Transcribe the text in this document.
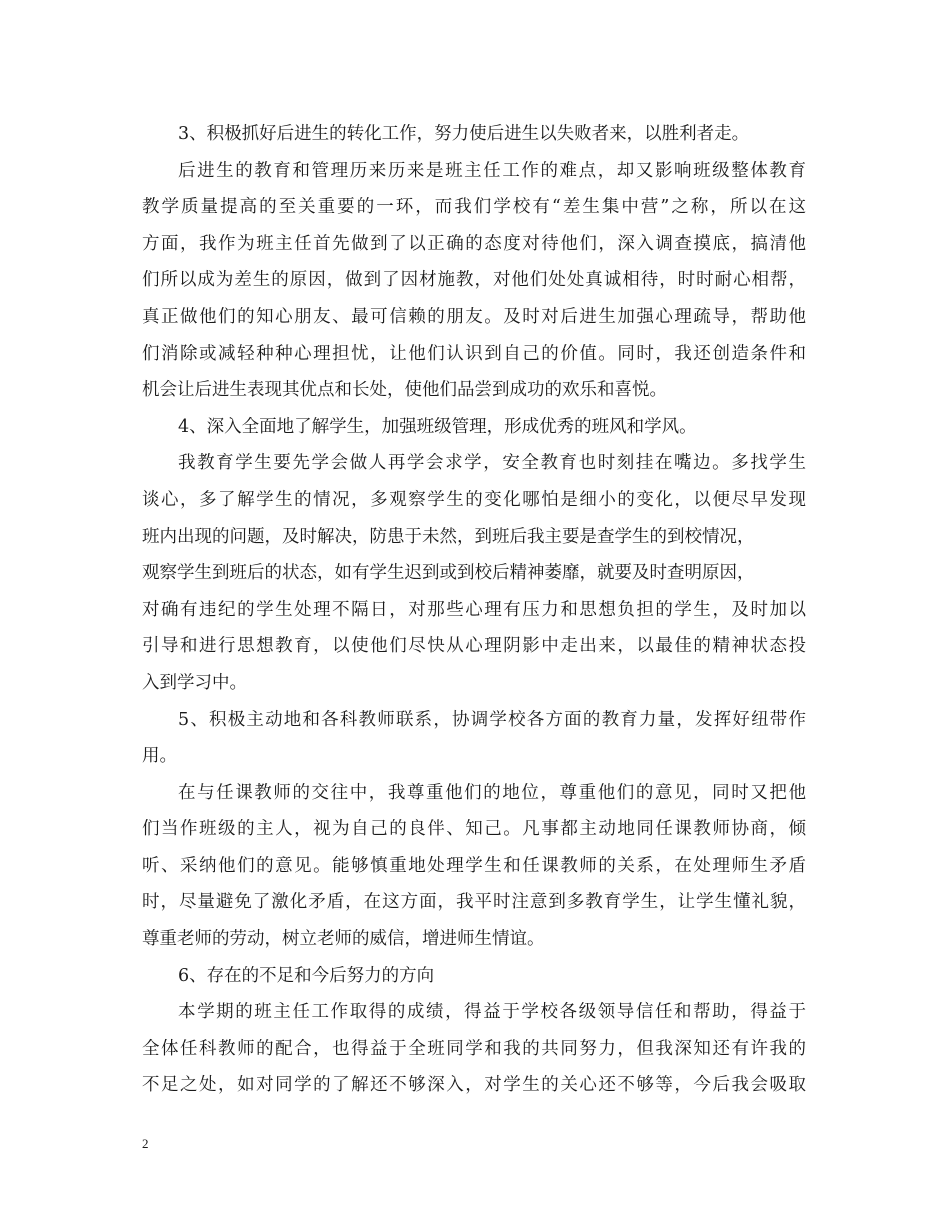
3、积极抓好后进生的转化工作，努力使后进生以失败者来，以胜利者走。
后进生的教育和管理历来历来是班主任工作的难点，却又影响班级整体教育
教学质量提高的至关重要的一环，而我们学校有“差生集中营”之称，所以在这
方面，我作为班主任首先做到了以正确的态度对待他们，深入调查摸底，搞清他
们所以成为差生的原因，做到了因材施教，对他们处处真诚相待，时时耐心相帮，
真正做他们的知心朋友、最可信赖的朋友。及时对后进生加强心理疏导，帮助他
们消除或减轻种种心理担忧，让他们认识到自己的价值。同时，我还创造条件和
机会让后进生表现其优点和长处，使他们品尝到成功的欢乐和喜悦。
4、深入全面地了解学生，加强班级管理，形成优秀的班风和学风。
我教育学生要先学会做人再学会求学，安全教育也时刻挂在嘴边。多找学生
谈心，多了解学生的情况，多观察学生的变化哪怕是细小的变化，以便尽早发现
班内出现的问题，及时解决，防患于未然，到班后我主要是查学生的到校情况，
观察学生到班后的状态，如有学生迟到或到校后精神萎靡，就要及时查明原因，
对确有违纪的学生处理不隔日，对那些心理有压力和思想负担的学生，及时加以
引导和进行思想教育，以使他们尽快从心理阴影中走出来，以最佳的精神状态投
入到学习中。
5、积极主动地和各科教师联系，协调学校各方面的教育力量，发挥好纽带作
用。
在与任课教师的交往中，我尊重他们的地位，尊重他们的意见，同时又把他
们当作班级的主人，视为自己的良伴、知己。凡事都主动地同任课教师协商，倾
听、采纳他们的意见。能够慎重地处理学生和任课教师的关系，在处理师生矛盾
时，尽量避免了激化矛盾，在这方面，我平时注意到多教育学生，让学生懂礼貌，
尊重老师的劳动，树立老师的威信，增进师生情谊。
6、存在的不足和今后努力的方向
本学期的班主任工作取得的成绩，得益于学校各级领导信任和帮助，得益于
全体任科教师的配合，也得益于全班同学和我的共同努力，但我深知还有许我的
不足之处，如对同学的了解还不够深入，对学生的关心还不够等，今后我会吸取
2
